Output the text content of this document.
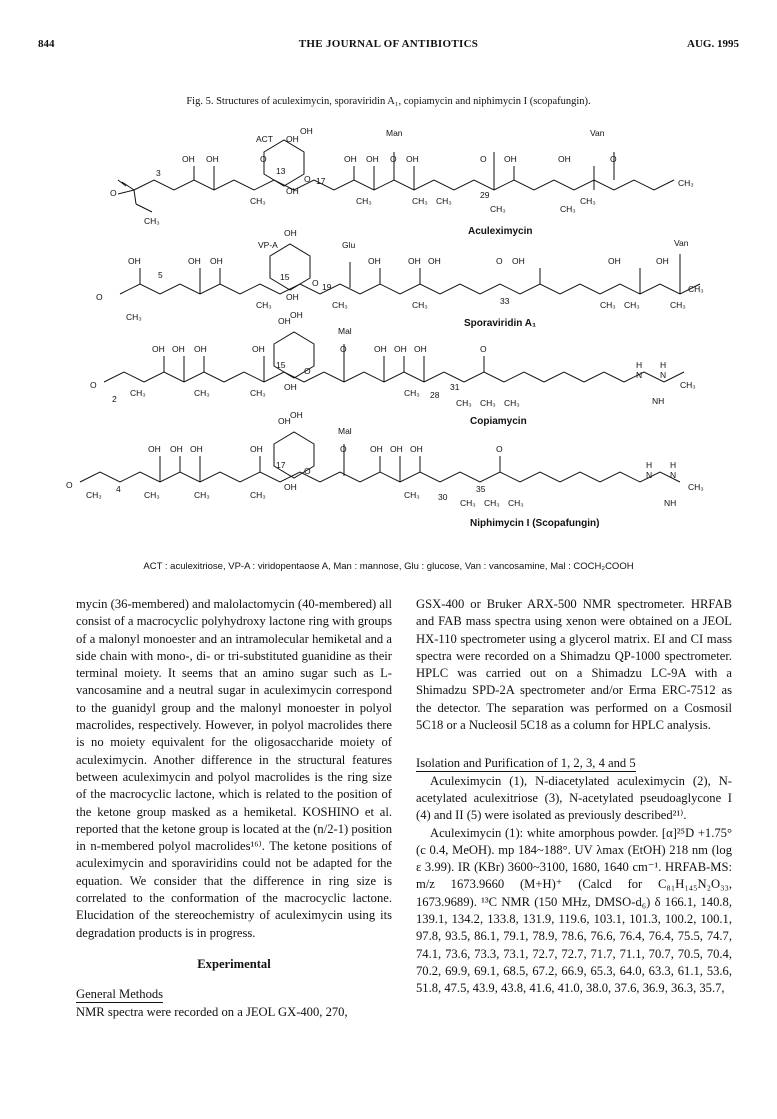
844	THE JOURNAL OF ANTIBIOTICS	AUG. 1995
Fig. 5. Structures of aculeximycin, sporaviridin A₁, copiamycin and niphimycin I (scopafungin).
O
CH₃
3
OH OH
ACT
O
OH
OH
13
17
O
OH
CH₃
OH OH
Man
O OH
CH₃	CH₃ CH₃
O OH
29
CH₃
OH
Van
O
CH₃
CH₃
CH₃
Aculeximycin
O
CH₃
OH
5
OH OH
VP-A
OH
15
O 19
OH
CH₃
Glu
CH₃
OH	OH OH
CH₃
O OH
33
OH
CH₃ CH₃
OH
Van
CH₃
CH₃
Sporaviridin A₁
O
2
CH₃
OH OH OH
CH₃
OH
CH₃
OH
OH
15
O
OH
Mal
O	OH OH OH
CH₃ 28
31
O
CH₃ CH₃ CH₃
H
N
H
N
CH₃
NH
Copiamycin
O
CH₃
4
CH₃
OH OH OH
CH₃
OH
CH₃
OH
OH
17
O
OH
Mal
O	OH OH OH
CH₃ 30
35
O
CH₃ CH₃ CH₃
H
N
H
N
CH₃
NH
Niphimycin I (Scopafungin)
ACT : aculexitriose, VP-A : viridopentaose A, Man : mannose, Glu : glucose, Van : vancosamine, Mal : COCH₂COOH

mycin (36-membered) and malolactomycin (40-membered) all consist of a macrocyclic polyhydroxy lactone ring with groups of a malonyl monoester and an intramolecular hemiketal and a side chain with mono-, di- or tri-substituted guanidine as their terminal moiety. It seems that an amino sugar such as L-vancosamine and a neutral sugar in aculeximycin correspond to the guanidyl group and the malonyl monoester in polyol macrolides, respectively. However, in polyol macrolides there is no moiety equivalent for the oligosaccharide moiety of aculeximycin. Another difference in the structural features between aculeximycin and polyol macrolides is the ring size of the macrocyclic lactone, which is related to the position of the ketone group masked as a hemiketal. KOSHINO et al. reported that the ketone group is located at the (n/2-1) position in n-membered polyol macrolides¹⁶⁾. The ketone positions of aculeximycin and sporaviridins could not be adapted for the equation. We consider that the difference in ring size is correlated to the conformation of the macrocyclic lactone. Elucidation of the stereochemistry of aculeximycin using its degradation products is in progress.

Experimental

General Methods

NMR spectra were recorded on a JEOL GX-400, 270,

GSX-400 or Bruker ARX-500 NMR spectrometer. HRFAB and FAB mass spectra using xenon were obtained on a JEOL HX-110 spectrometer using a glycerol matrix. EI and CI mass spectra were recorded on a Shimadzu QP-1000 spectrometer. HPLC was carried out on a Shimadzu LC-9A with a Shimadzu SPD-2A spectrometer and/or Erma ERC-7512 as the detector. The separation was performed on a Cosmosil 5C18 or a Nucleosil 5C18 as a column for HPLC analysis.

Isolation and Purification of 1, 2, 3, 4 and 5

Aculeximycin (1), N-diacetylated aculeximycin (2), N-acetylated aculexitriose (3), N-acetylated pseudoaglycone I (4) and II (5) were isolated as previously described²¹⁾.

Aculeximycin (1): white amorphous powder. [α]²⁵D +1.75° (c 0.4, MeOH). mp 184~188°. UV λmax (EtOH) 218 nm (log ε 3.99). IR (KBr) 3600~3100, 1680, 1640 cm⁻¹. HRFAB-MS: m/z 1673.9660 (M+H)⁺ (Calcd for C₈₁H₁₄₅N₂O₃₃, 1673.9689). ¹³C NMR (150 MHz, DMSO-d₆) δ 166.1, 140.8, 139.1, 134.2, 133.8, 131.9, 119.6, 103.1, 101.3, 100.2, 100.1, 97.8, 93.5, 86.1, 79.1, 78.9, 78.6, 76.6, 76.4, 76.4, 75.5, 74.7, 74.1, 73.6, 73.3, 73.1, 72.7, 72.7, 71.7, 71.1, 70.7, 70.5, 70.4, 70.2, 69.9, 69.1, 68.5, 67.2, 66.9, 65.3, 64.0, 63.3, 61.1, 53.6, 51.8, 47.5, 43.9, 43.8, 41.6, 41.0, 38.0, 37.6, 36.9, 36.3, 35.7,
